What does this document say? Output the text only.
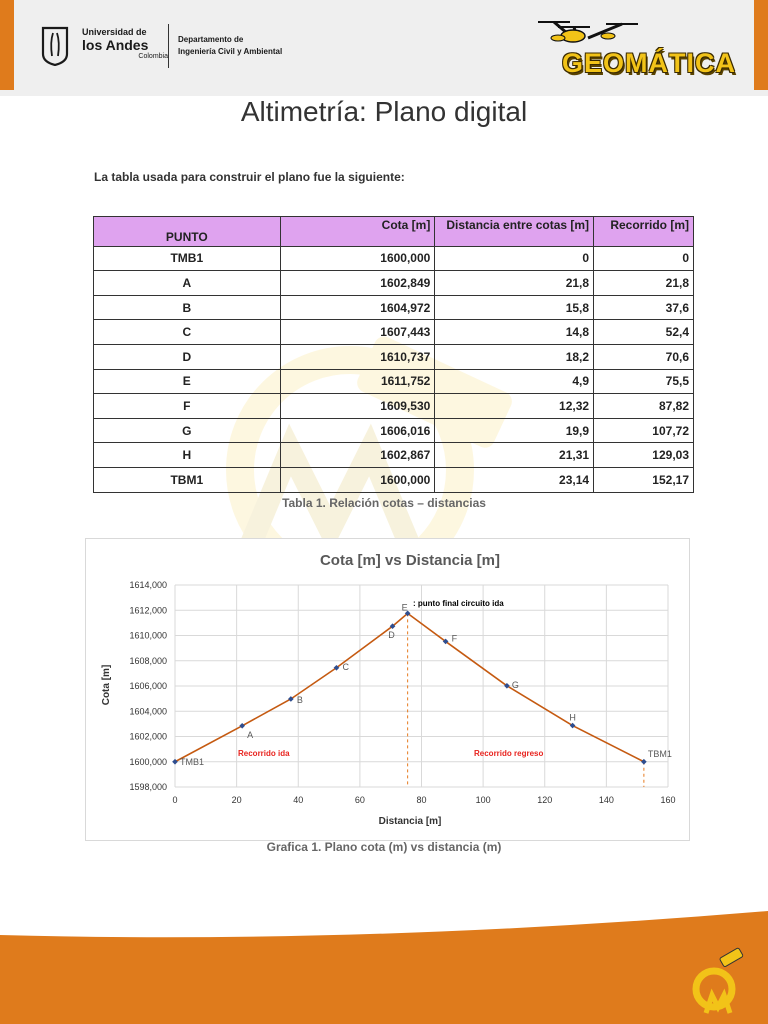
Universidad de
los Andes
Colombia
Departamento de
Ingeniería Civil y Ambiental	GEOMÁTICA
Altimetría: Plano digital
La tabla usada para construir el plano fue la siguiente:
PUNTO	Cota [m]	Distancia entre cotas [m]	Recorrido [m]
TMB1	1600,000	0	0
A	1602,849	21,8	21,8
B	1604,972	15,8	37,6
C	1607,443	14,8	52,4
D	1610,737	18,2	70,6
E	1611,752	4,9	75,5
F	1609,530	12,32	87,82
G	1606,016	19,9	107,72
H	1602,867	21,31	129,03
TBM1	1600,000	23,14	152,17
Tabla 1. Relación cotas – distancias
Cota [m] vs Distancia [m]
1598,000
1600,000
1602,000
1604,000
1606,000
1608,000
1610,000
1612,000
1614,000
0	20	40	60	80	100	120	140	160
TMB1
A
B
C
D
E
F
G
H
TBM1
Distancia [m]
Cota [m]
: punto final circuito ida
Recorrido ida	Recorrido regreso
Grafica 1. Plano cota (m) vs distancia (m)
